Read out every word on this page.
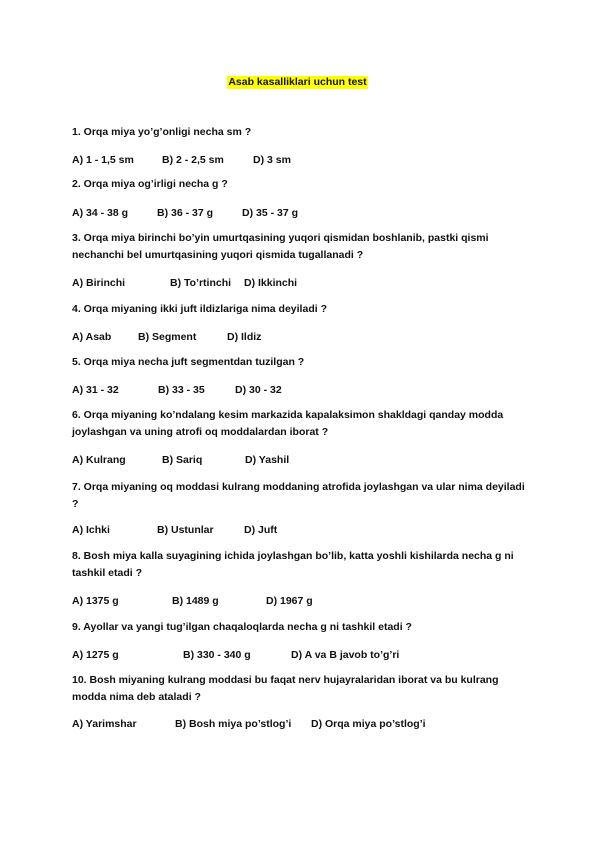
Asab kasalliklari uchun test

1. Orqa miya yo’g’onligi necha sm ?

A) 1 - 1,5 sm	B) 2 - 2,5 sm	D) 3 sm

2. Orqa miya og’irligi necha g ?

A) 34 - 38 g	B) 36 - 37 g	D) 35 - 37 g

3. Orqa miya birinchi bo’yin umurtqasining yuqori qismidan boshlanib, pastki qismi nechanchi bel umurtqasining yuqori qismida tugallanadi ?

A) Birinchi	B) To’rtinchi D) Ikkinchi

4. Orqa miyaning ikki juft ildizlariga nima deyiladi ?

A) Asab	B) Segment	D) Ildiz

5. Orqa miya necha juft segmentdan tuzilgan ?

A) 31 - 32	B) 33 - 35	D) 30 - 32

6. Orqa miyaning ko’ndalang kesim markazida kapalaksimon shakldagi qanday modda joylashgan va uning atrofi oq moddalardan iborat ?

A) Kulrang	B) Sariq	D) Yashil

7. Orqa miyaning oq moddasi kulrang moddaning atrofida joylashgan va ular nima deyiladi ?

A) Ichki	B) Ustunlar	D) Juft

8. Bosh miya kalla suyagining ichida joylashgan bo’lib, katta yoshli kishilarda necha g ni tashkil etadi ?

A) 1375 g	B) 1489 g	D) 1967 g

9. Ayollar va yangi tug’ilgan chaqaloqlarda necha g ni tashkil etadi ?

A) 1275 g	B) 330 - 340 g	D) A va B javob to’g’ri

10. Bosh miyaning kulrang moddasi bu faqat nerv hujayralaridan iborat va bu kulrang modda nima deb ataladi ?

A) Yarimshar	B) Bosh miya po’stlog’i D) Orqa miya po’stlog’i
